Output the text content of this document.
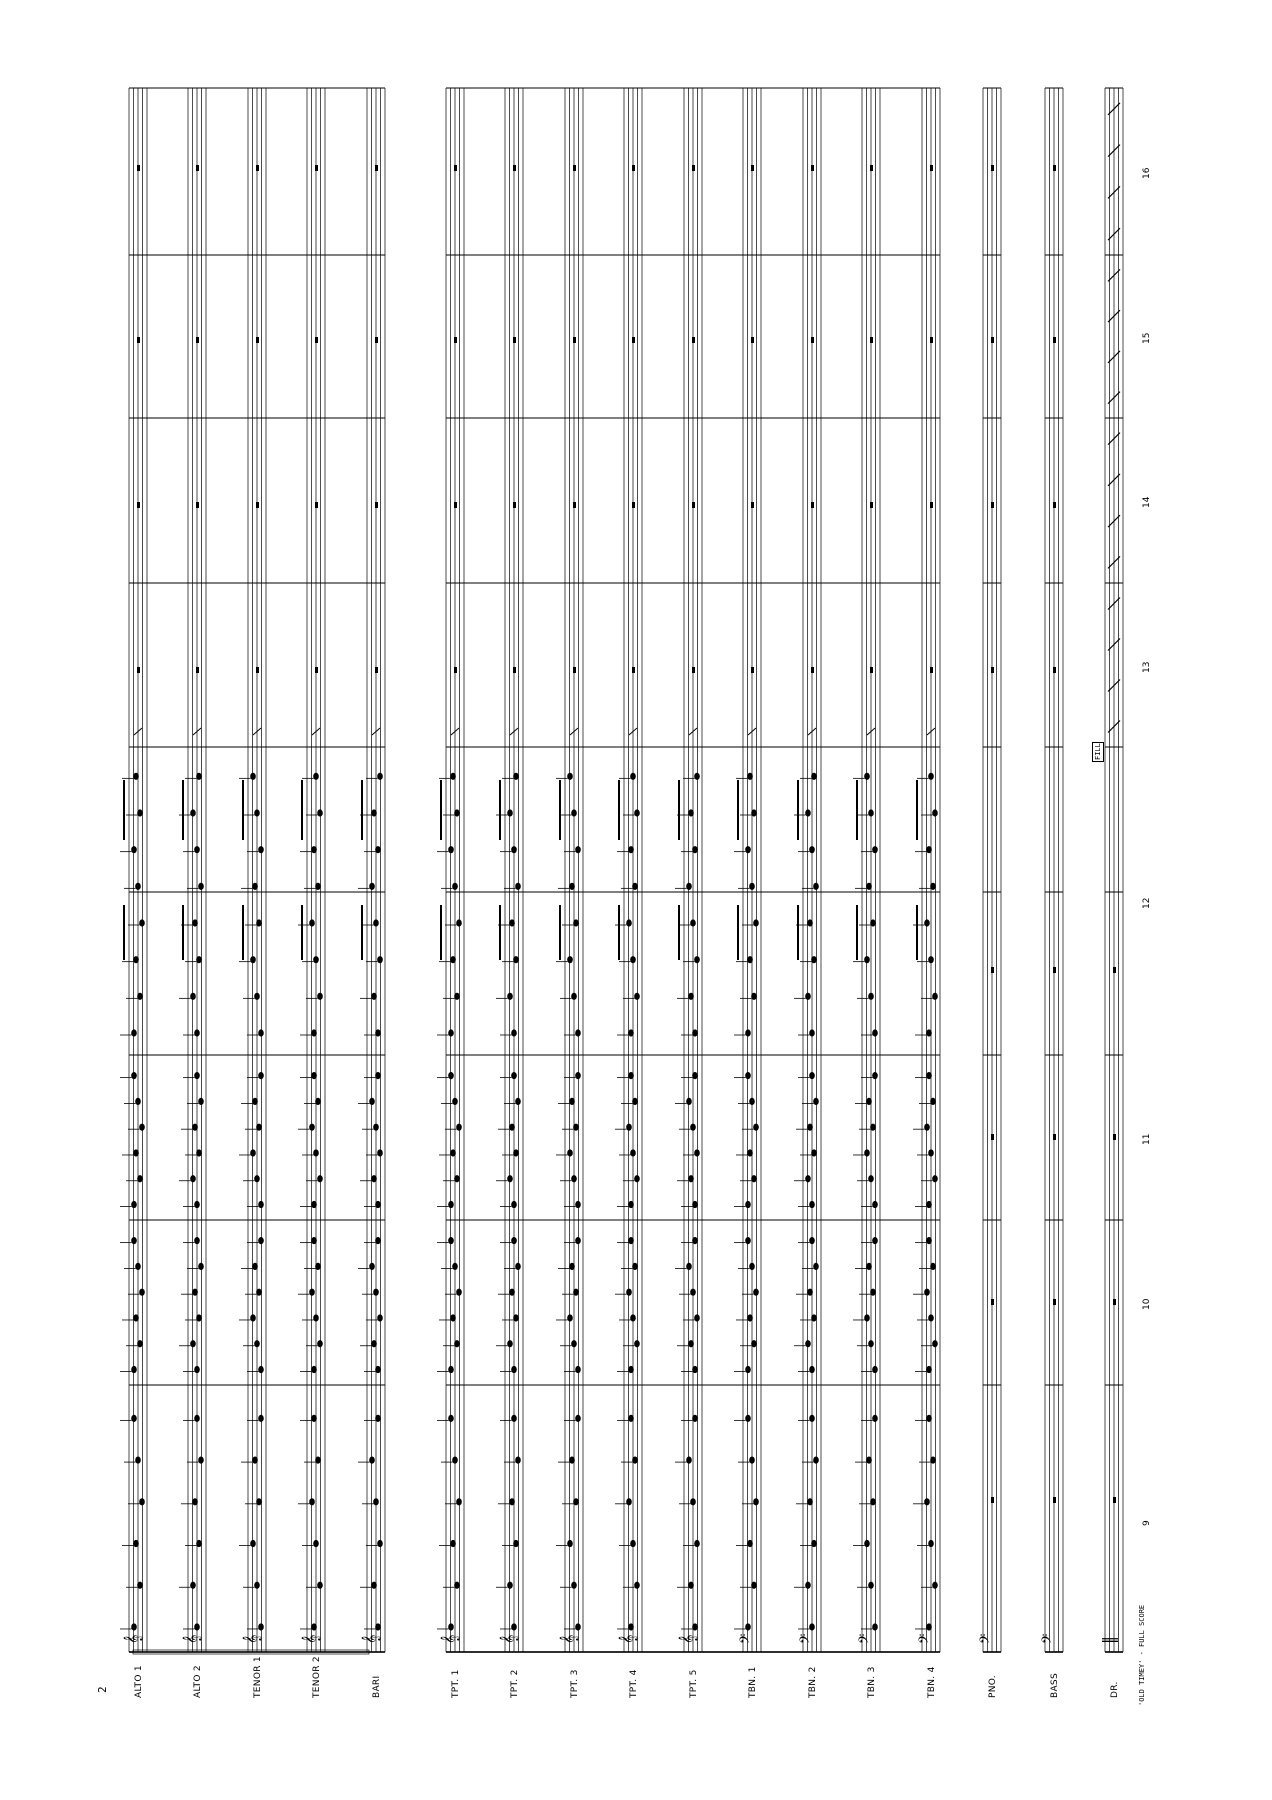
𝄞	𝄞	𝄞	𝄞	𝄞	𝄞	𝄞	𝄞	𝄞	𝄞	𝄢	𝄢	𝄢	𝄢	𝄢	𝄢	‖
ALTO 1	ALTO 2	TENOR 1	TENOR 2	BARI	TPT. 1	TPT. 2	TPT. 3	TPT. 4	TPT. 5	TBN. 1	TBN. 2	TBN. 3	TBN. 4	PNO.	BASS	DR.
9
10
11
12
13
14
15
16
FILL
2	'OLD TIMEY' - FULL SCORE
